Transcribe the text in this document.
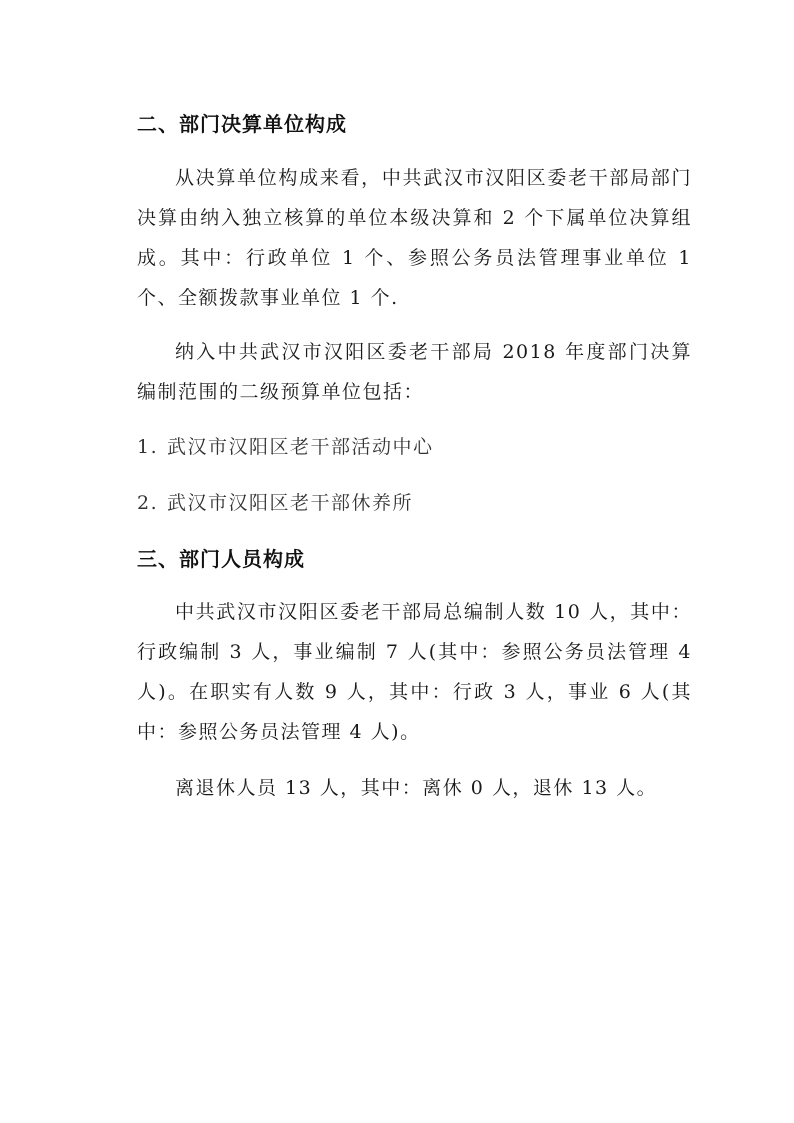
二、部门决算单位构成
从决算单位构成来看，中共武汉市汉阳区委老干部局部门决算由纳入独立核算的单位本级决算和 2 个下属单位决算组成。其中：行政单位 1 个、参照公务员法管理事业单位 1 个、全额拨款事业单位 1 个.
纳入中共武汉市汉阳区委老干部局 2018 年度部门决算编制范围的二级预算单位包括：
1. 武汉市汉阳区老干部活动中心
2. 武汉市汉阳区老干部休养所
三、部门人员构成
中共武汉市汉阳区委老干部局总编制人数 10 人，其中：行政编制 3 人，事业编制 7 人(其中：参照公务员法管理 4 人)。在职实有人数 9 人，其中：行政 3 人，事业 6 人(其中：参照公务员法管理 4 人)。
离退休人员 13 人，其中：离休 0 人，退休 13 人。
